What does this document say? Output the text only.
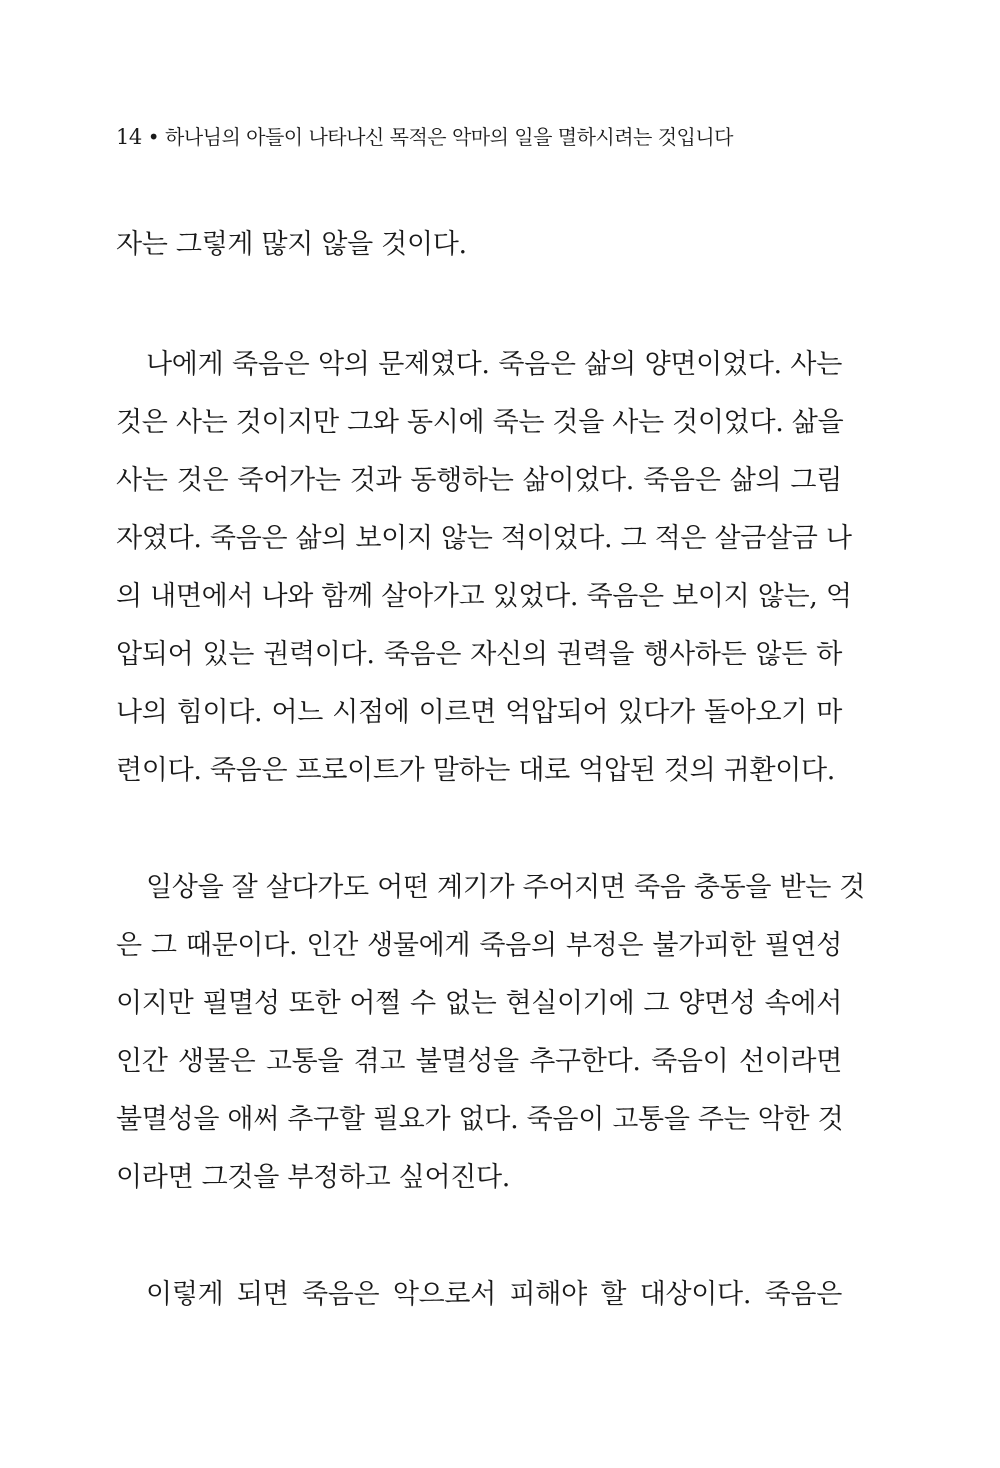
14 • 하나님의 아들이 나타나신 목적은 악마의 일을 멸하시려는 것입니다
자는 그렇게 많지 않을 것이다.
나에게 죽음은 악의 문제였다. 죽음은 삶의 양면이었다. 사는
것은 사는 것이지만 그와 동시에 죽는 것을 사는 것이었다. 삶을
사는 것은 죽어가는 것과 동행하는 삶이었다. 죽음은 삶의 그림
자였다. 죽음은 삶의 보이지 않는 적이었다. 그 적은 살금살금 나
의 내면에서 나와 함께 살아가고 있었다. 죽음은 보이지 않는, 억
압되어 있는 권력이다. 죽음은 자신의 권력을 행사하든 않든 하
나의 힘이다. 어느 시점에 이르면 억압되어 있다가 돌아오기 마
련이다. 죽음은 프로이트가 말하는 대로 억압된 것의 귀환이다.
일상을 잘 살다가도 어떤 계기가 주어지면 죽음 충동을 받는 것
은 그 때문이다. 인간 생물에게 죽음의 부정은 불가피한 필연성
이지만 필멸성 또한 어쩔 수 없는 현실이기에 그 양면성 속에서
인간 생물은 고통을 겪고 불멸성을 추구한다. 죽음이 선이라면
불멸성을 애써 추구할 필요가 없다. 죽음이 고통을 주는 악한 것
이라면 그것을 부정하고 싶어진다.
이렇게 되면 죽음은 악으로서 피해야 할 대상이다. 죽음은
